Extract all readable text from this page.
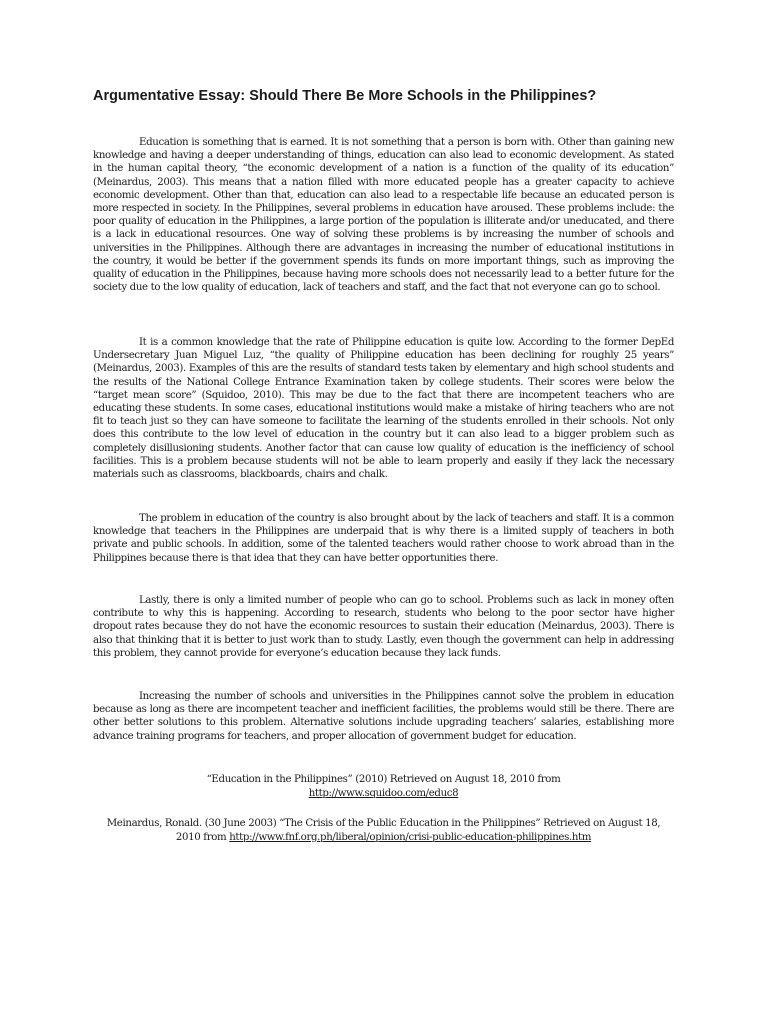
Argumentative Essay: Should There Be More Schools in the Philippines?

Education is something that is earned. It is not something that a person is born with. Other than gaining new knowledge and having a deeper understanding of things, education can also lead to economic development. As stated in the human capital theory, “the economic development of a nation is a function of the quality of its education” (Meinardus, 2003). This means that a nation filled with more educated people has a greater capacity to achieve economic development. Other than that, education can also lead to a respectable life because an educated person is more respected in society. In the Philippines, several problems in education have aroused. These problems include: the poor quality of education in the Philippines, a large portion of the population is illiterate and/or uneducated, and there is a lack in educational resources. One way of solving these problems is by increasing the number of schools and universities in the Philippines. Although there are advantages in increasing the number of educational institutions in the country, it would be better if the government spends its funds on more important things, such as improving the quality of education in the Philippines, because having more schools does not necessarily lead to a better future for the society due to the low quality of education, lack of teachers and staff, and the fact that not everyone can go to school.

It is a common knowledge that the rate of Philippine education is quite low. According to the former DepEd Undersecretary Juan Miguel Luz, “the quality of Philippine education has been declining for roughly 25 years” (Meinardus, 2003). Examples of this are the results of standard tests taken by elementary and high school students and the results of the National College Entrance Examination taken by college students. Their scores were below the “target mean score” (Squidoo, 2010). This may be due to the fact that there are incompetent teachers who are educating these students. In some cases, educational institutions would make a mistake of hiring teachers who are not fit to teach just so they can have someone to facilitate the learning of the students enrolled in their schools. Not only does this contribute to the low level of education in the country but it can also lead to a bigger problem such as completely disillusioning students. Another factor that can cause low quality of education is the inefficiency of school facilities. This is a problem because students will not be able to learn properly and easily if they lack the necessary materials such as classrooms, blackboards, chairs and chalk.

The problem in education of the country is also brought about by the lack of teachers and staff. It is a common knowledge that teachers in the Philippines are underpaid that is why there is a limited supply of teachers in both private and public schools. In addition, some of the talented teachers would rather choose to work abroad than in the Philippines because there is that idea that they can have better opportunities there.

Lastly, there is only a limited number of people who can go to school. Problems such as lack in money often contribute to why this is happening. According to research, students who belong to the poor sector have higher dropout rates because they do not have the economic resources to sustain their education (Meinardus, 2003). There is also that thinking that it is better to just work than to study. Lastly, even though the government can help in addressing this problem, they cannot provide for everyone’s education because they lack funds.

Increasing the number of schools and universities in the Philippines cannot solve the problem in education because as long as there are incompetent teacher and inefficient facilities, the problems would still be there. There are other better solutions to this problem. Alternative solutions include upgrading teachers’ salaries, establishing more advance training programs for teachers, and proper allocation of government budget for education.

“Education in the Philippines” (2010) Retrieved on August 18, 2010 from
http://www.squidoo.com/educ8

Meinardus, Ronald. (30 June 2003) “The Crisis of the Public Education in the Philippines” Retrieved on August 18, 2010 from http://www.fnf.org.ph/liberal/opinion/crisi-public-education-philippines.htm
